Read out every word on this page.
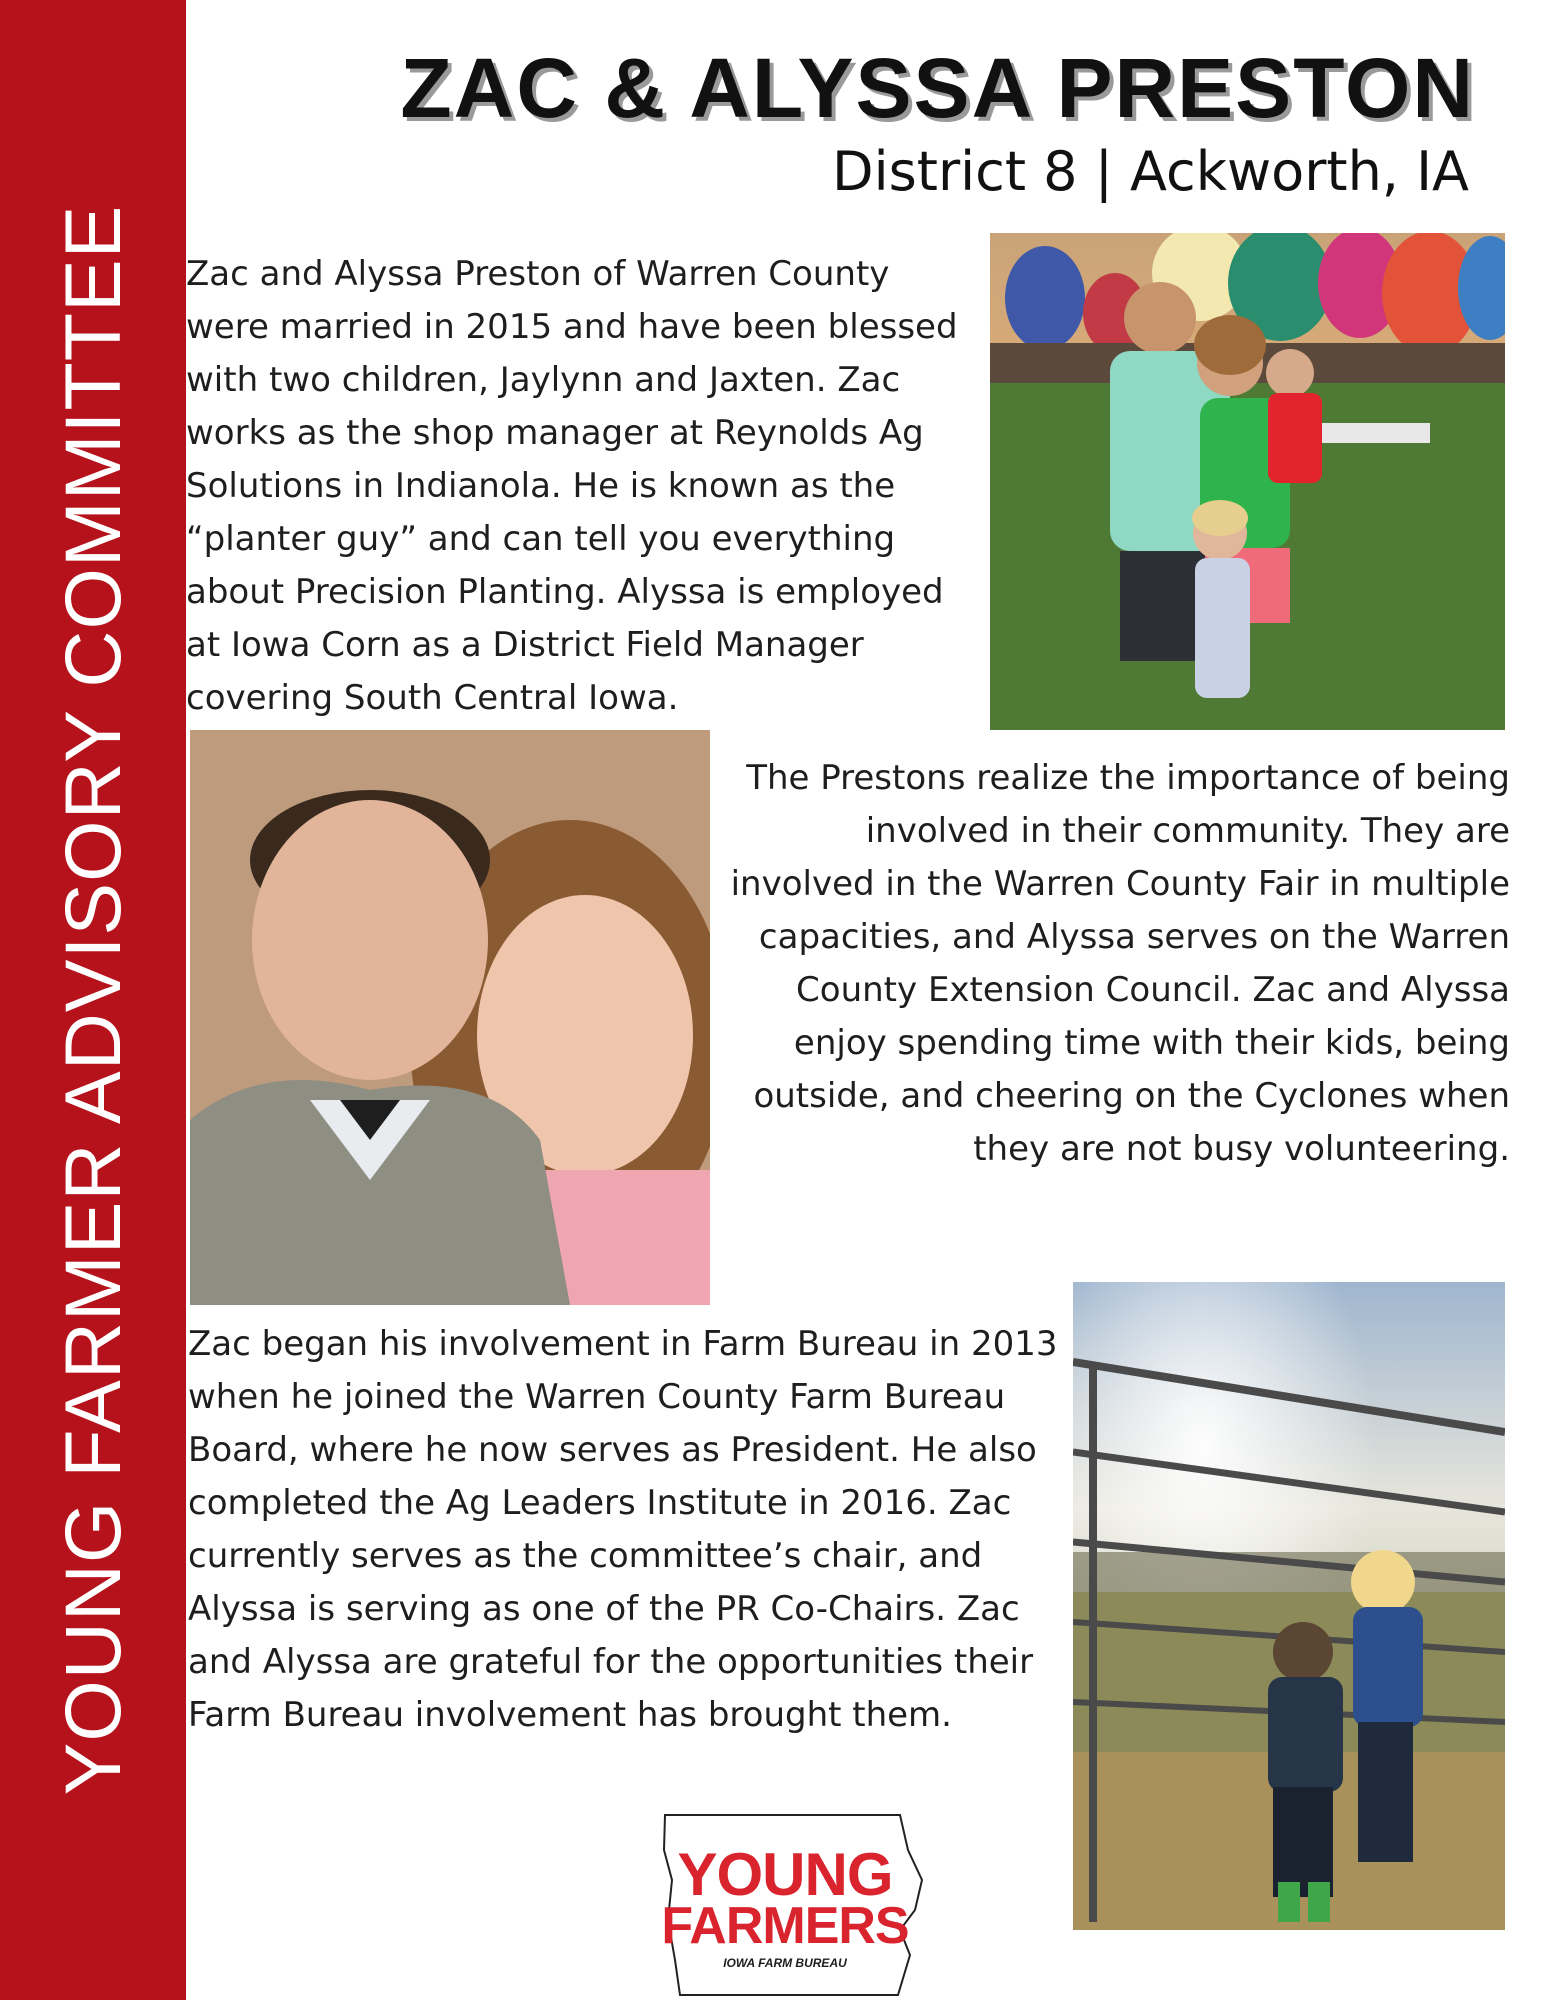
YOUNG FARMER ADVISORY COMMITTEE
ZAC & ALYSSA PRESTON
District 8 | Ackworth, IA

Zac and Alyssa Preston of Warren County were married in 2015 and have been blessed with two children, Jaylynn and Jaxten. Zac works as the shop manager at Reynolds Ag Solutions in Indianola. He is known as the “planter guy” and can tell you everything about Precision Planting. Alyssa is employed at Iowa Corn as a District Field Manager covering South Central Iowa.

The Prestons realize the importance of being involved in their community. They are involved in the Warren County Fair in multiple capacities, and Alyssa serves on the Warren County Extension Council. Zac and Alyssa enjoy spending time with their kids, being outside, and cheering on the Cyclones when they are not busy volunteering.

Zac began his involvement in Farm Bureau in 2013 when he joined the Warren County Farm Bureau Board, where he now serves as President. He also completed the Ag Leaders Institute in 2016. Zac currently serves as the committee’s chair, and Alyssa is serving as one of the PR Co-Chairs. Zac and Alyssa are grateful for the opportunities their Farm Bureau involvement has brought them.

YOUNG
FARMERS
IOWA FARM BUREAU
